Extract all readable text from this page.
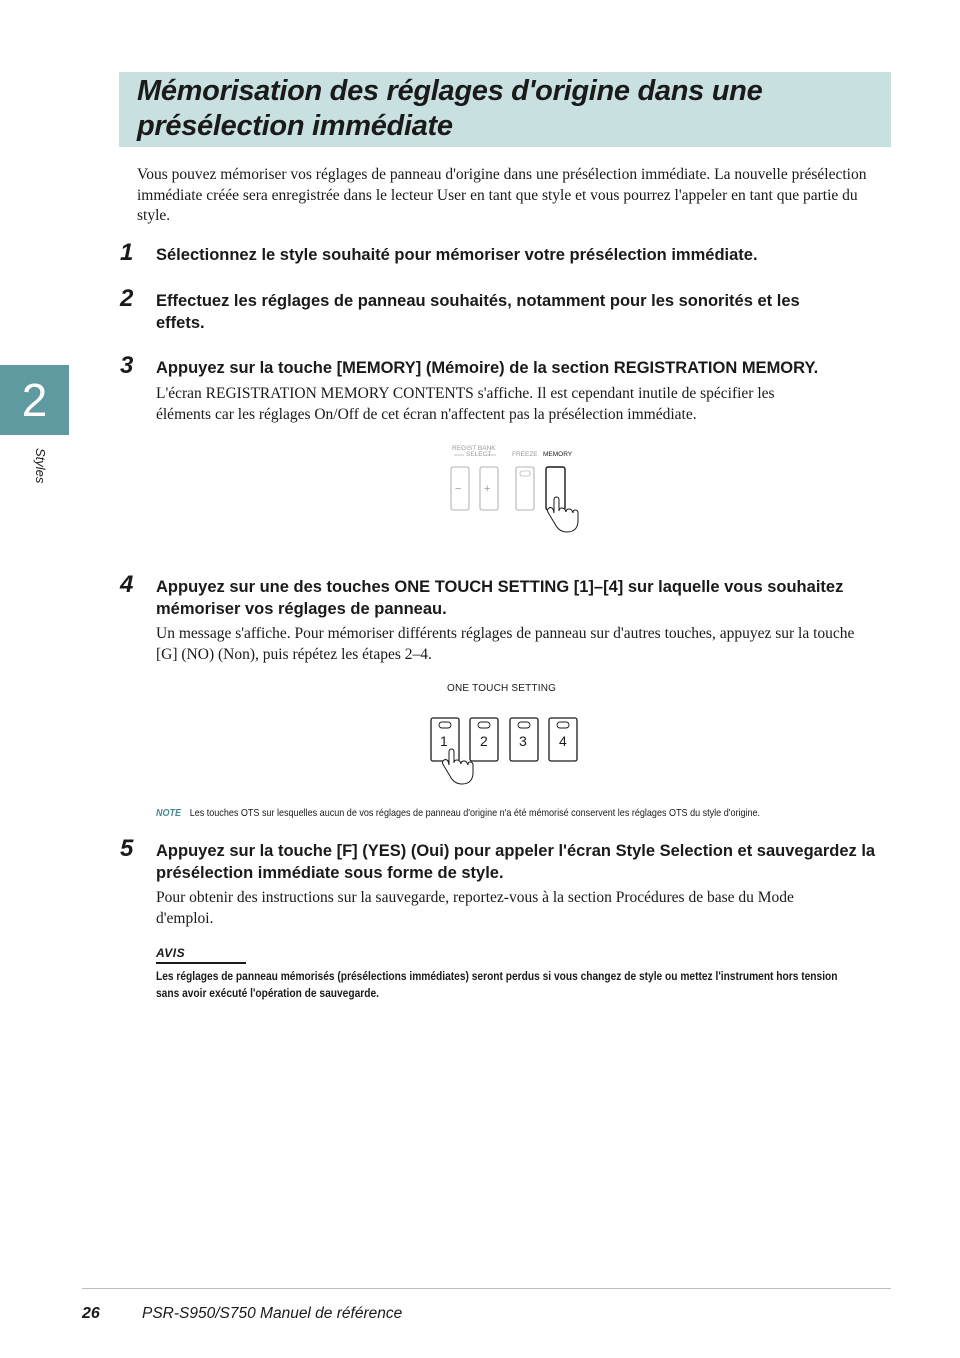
Mémorisation des réglages d'origine dans une présélection immédiate

Vous pouvez mémoriser vos réglages de panneau d'origine dans une présélection immédiate. La nouvelle présélection immédiate créée sera enregistrée dans le lecteur User en tant que style et vous pourrez l'appeler en tant que partie du style.

2
Styles
1 Sélectionnez le style souhaité pour mémoriser votre présélection immédiate.

2 Effectuez les réglages de panneau souhaités, notamment pour les sonorités et les effets.

3 Appuyez sur la touche [MEMORY] (Mémoire) de la section REGISTRATION MEMORY.

L'écran REGISTRATION MEMORY CONTENTS s'affiche. Il est cependant inutile de spécifier les éléments car les réglages On/Off de cet écran n'affectent pas la présélection immédiate.

REGIST BANK
SELECT	FREEZE MEMORY
− +
4 Appuyez sur une des touches ONE TOUCH SETTING [1]–[4] sur laquelle vous souhaitez mémoriser vos réglages de panneau.

Un message s'affiche. Pour mémoriser différents réglages de panneau sur d'autres touches, appuyez sur la touche [G] (NO) (Non), puis répétez les étapes 2–4.

ONE TOUCH SETTING
1 2 3 4
NOTE Les touches OTS sur lesquelles aucun de vos réglages de panneau d'origine n'a été mémorisé conservent les réglages OTS du style d'origine.
5 Appuyez sur la touche [F] (YES) (Oui) pour appeler l'écran Style Selection et sauvegardez la présélection immédiate sous forme de style.

Pour obtenir des instructions sur la sauvegarde, reportez-vous à la section Procédures de base du Mode d'emploi.

AVIS

Les réglages de panneau mémorisés (présélections immédiates) seront perdus si vous changez de style ou mettez l'instrument hors tension sans avoir exécuté l'opération de sauvegarde.

26	PSR-S950/S750 Manuel de référence
